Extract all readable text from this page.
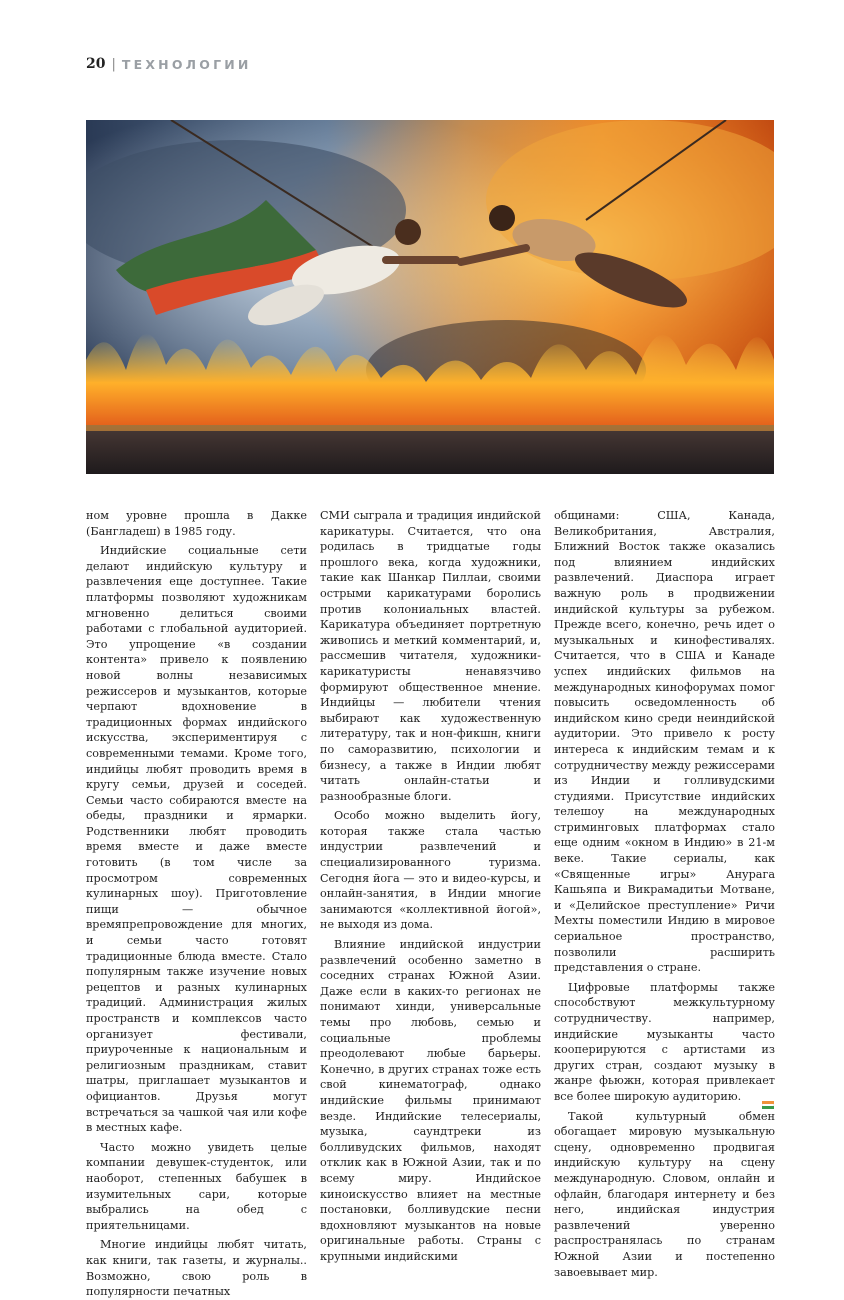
20 | ТЕХНОЛОГИИ

ном уровне прошла в Дакке (Бангладеш) в 1985 году.

Индийские социальные сети делают индийскую культуру и развлечения еще доступнее. Такие платформы позволяют художникам мгновенно делиться своими работами с глобальной аудиторией. Это упрощение «в создании контента» привело к появлению новой волны независимых режиссеров и музыкантов, которые черпают вдохновение в традиционных формах индийского искусства, экспериментируя с современными темами. Кроме того, индийцы любят проводить время в кругу семьи, друзей и соседей. Семьи часто собираются вместе на обеды, праздники и ярмарки. Родственники любят проводить время вместе и даже вместе готовить (в том числе за просмотром современных кулинарных шоу). Приготовление пищи — обычное времяпрепровождение для многих, и семьи часто готовят традиционные блюда вместе. Стало популярным также изучение новых рецептов и разных кулинарных традиций. Администрация жилых пространств и комплексов часто организует фестивали, приуроченные к национальным и религиозным праздникам, ставит шатры, приглашает музыкантов и официантов. Друзья могут встречаться за чашкой чая или кофе в местных кафе.

Часто можно увидеть целые компании девушек-студенток, или наоборот, степенных бабушек в изумительных сари, которые выбрались на обед с приятельницами.

Многие индийцы любят читать, как книги, так газеты, и журналы.. Возможно, свою роль в популярности печатных

СМИ сыграла и традиция индийской карикатуры. Считается, что она родилась в тридцатые годы прошлого века, когда художники, такие как Шанкар Пиллаи, своими острыми карикатурами боролись против колониальных властей. Карикатура объединяет портретную живопись и меткий комментарий, и, рассмешив читателя, художники-карикатуристы ненавязчиво формируют общественное мнение. Индийцы — любители чтения выбирают как художественную литературу, так и нон-фикшн, книги по саморазвитию, психологии и бизнесу, а также в Индии любят читать онлайн-статьи и разнообразные блоги.

Особо можно выделить йогу, которая также стала частью индустрии развлечений и специализированного туризма. Сегодня йога — это и видео-курсы, и онлайн-занятия, в Индии многие занимаются «коллективной йогой», не выходя из дома.

Влияние индийской индустрии развлечений особенно заметно в соседних странах Южной Азии. Даже если в каких-то регионах не понимают хинди, универсальные темы про любовь, семью и социальные проблемы преодолевают любые барьеры. Конечно, в других странах тоже есть свой кинематограф, однако индийские фильмы принимают везде. Индийские телесериалы, музыка, саундтреки из болливудских фильмов, находят отклик как в Южной Азии, так и по всему миру. Индийское киноискусство влияет на местные постановки, болливудские песни вдохновляют музыкантов на новые оригинальные работы. Страны с крупными индийскими

общинами: США, Канада, Великобритания, Австралия, Ближний Восток также оказались под влиянием индийских развлечений. Диаспора играет важную роль в продвижении индийской культуры за рубежом. Прежде всего, конечно, речь идет о музыкальных и кинофестивалях. Считается, что в США и Канаде успех индийских фильмов на международных кинофорумах помог повысить осведомленность об индийском кино среди неиндийской аудитории. Это привело к росту интереса к индийским темам и к сотрудничеству между режиссерами из Индии и голливудскими студиями. Присутствие индийских телешоу на международных стриминговых платформах стало еще одним «окном в Индию» в 21-м веке. Такие сериалы, как «Священные игры» Анурага Кашьяпа и Викрамадитьи Мотване, и «Делийское преступление» Ричи Мехты поместили Индию в мировое сериальное пространство, позволили расширить представления о стране.

Цифровые платформы также способствуют межкультурному сотрудничеству. например, индийские музыканты часто кооперируются с артистами из других стран, создают музыку в жанре фьюжн, которая привлекает все более широкую аудиторию.

Такой культурный обмен обогащает мировую музыкальную сцену, одновременно продвигая индийскую культуру на сцену международную. Словом, онлайн и офлайн, благодаря интернету и без него, индийская индустрия развлечений уверенно распространялась по странам Южной Азии и постепенно завоевывает мир.
